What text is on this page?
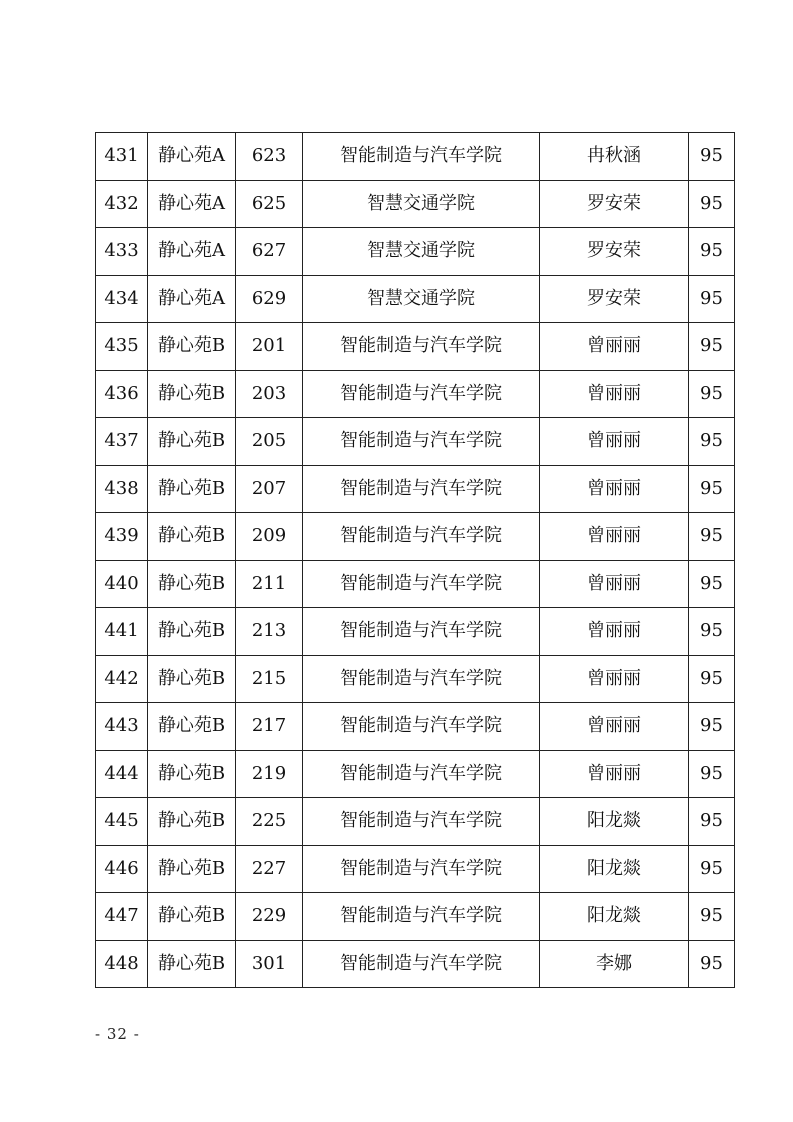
431	静心苑A	623	智能制造与汽车学院	冉秋涵	95
432	静心苑A	625	智慧交通学院	罗安荣	95
433	静心苑A	627	智慧交通学院	罗安荣	95
434	静心苑A	629	智慧交通学院	罗安荣	95
435	静心苑B	201	智能制造与汽车学院	曾丽丽	95
436	静心苑B	203	智能制造与汽车学院	曾丽丽	95
437	静心苑B	205	智能制造与汽车学院	曾丽丽	95
438	静心苑B	207	智能制造与汽车学院	曾丽丽	95
439	静心苑B	209	智能制造与汽车学院	曾丽丽	95
440	静心苑B	211	智能制造与汽车学院	曾丽丽	95
441	静心苑B	213	智能制造与汽车学院	曾丽丽	95
442	静心苑B	215	智能制造与汽车学院	曾丽丽	95
443	静心苑B	217	智能制造与汽车学院	曾丽丽	95
444	静心苑B	219	智能制造与汽车学院	曾丽丽	95
445	静心苑B	225	智能制造与汽车学院	阳龙燚	95
446	静心苑B	227	智能制造与汽车学院	阳龙燚	95
447	静心苑B	229	智能制造与汽车学院	阳龙燚	95
448	静心苑B	301	智能制造与汽车学院	李娜	95
- 32 -
